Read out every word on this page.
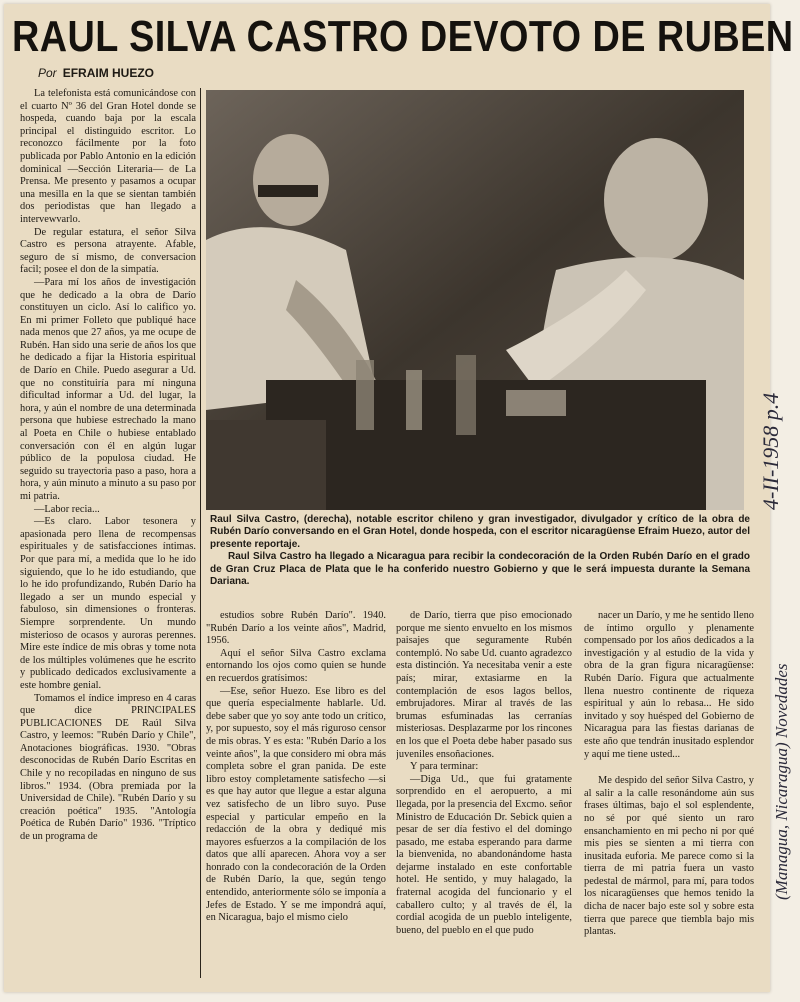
RAUL SILVA CASTRO DEVOTO DE RUBEN
Por EFRAIM HUEZO

La telefonista está comunicándose con el cuarto Nº 36 del Gran Hotel donde se hospeda, cuando baja por la escala principal el distinguido escritor. Lo reconozco fácilmente por la foto publicada por Pablo Antonio en la edición dominical —Sección Literaria— de La Prensa. Me presento y pasamos a ocupar una mesilla en la que se sientan también dos periodistas que han llegado a intervewvarlo.

De regular estatura, el señor Silva Castro es persona atrayente. Afable, seguro de sí mismo, de conversacion facil; posee el don de la simpatía.

—Para mí los años de investigación que he dedicado a la obra de Darío constituyen un ciclo. Así lo califico yo. En mi primer Folleto que publiqué hace nada menos que 27 años, ya me ocupe de Rubén. Han sido una serie de años los que he dedicado a fijar la Historia espiritual de Darío en Chile. Puedo asegurar a Ud. que no constituiría para mí ninguna dificultad informar a Ud. del lugar, la hora, y aún el nombre de una determinada persona que hubiese estrechado la mano al Poeta en Chile o hubiese entablado conversación con él en algún lugar público de la populosa ciudad. He seguido su trayectoria paso a paso, hora a hora, y aún minuto a minuto a su paso por mi patria.

—Labor recia...

—Es claro. Labor tesonera y apasionada pero llena de recompensas espirituales y de satisfacciones íntimas. Por que para mí, a medida que lo he ido siguiendo, que lo he ido estudiando, que lo he ido profundizando, Rubén Darío ha llegado a ser un mundo especial y fabuloso, sin dimensiones o fronteras. Siempre sorprendente. Un mundo misterioso de ocasos y auroras perennes. Mire este índice de mis obras y tome nota de los múltiples volúmenes que he escrito y publicado dedicados exclusivamente a este hombre genial.

Tomamos el índice impreso en 4 caras que dice PRINCIPALES PUBLICACIONES DE Raúl Silva Castro, y leemos: "Rubén Darío y Chile", Anotaciones biográficas. 1930. "Obras desconocidas de Rubén Darío Escritas en Chile y no recopiladas en ninguno de sus libros." 1934. (Obra premiada por la Universidad de Chile). "Rubén Darío y su creación poética" 1935. "Antología Poética de Rubén Darío" 1936. "Tríptico de un programa de

Raul Silva Castro, (derecha), notable escritor chileno y gran investigador, divulgador y crítico de la obra de Rubén Darío conversando en el Gran Hotel, donde hospeda, con el escritor nicaragüense Efraim Huezo, autor del presente reportaje.

Raul Silva Castro ha llegado a Nicaragua para recibir la condecoración de la Orden Rubén Darío en el grado de Gran Cruz Placa de Plata que le ha conferido nuestro Gobierno y que le será impuesta durante la Semana Dariana.

estudios sobre Rubén Darío". 1940. "Rubén Darío a los veinte años", Madrid, 1956.

Aquí el señor Silva Castro exclama entornando los ojos como quien se hunde en recuerdos gratísimos:

—Ese, señor Huezo. Ese libro es del que quería especialmente hablarle. Ud. debe saber que yo soy ante todo un crítico, y, por supuesto, soy el más riguroso censor de mis obras. Y es esta: "Rubén Darío a los veinte años", la que considero mi obra más completa sobre el gran panida. De este libro estoy completamente satisfecho —si es que hay autor que llegue a estar alguna vez satisfecho de un libro suyo. Puse especial y particular empeño en la redacción de la obra y dediqué mis mayores esfuerzos a la compilación de los datos que allí aparecen. Ahora voy a ser honrado con la condecoración de la Orden de Rubén Darío, la que, según tengo entendido, anteriormente sólo se imponía a Jefes de Estado. Y se me impondrá aquí, en Nicaragua, bajo el mismo cielo

de Darío, tierra que piso emocionado porque me siento envuelto en los mismos paisajes que seguramente Rubén contempló. No sabe Ud. cuanto agradezco esta distinción. Ya necesitaba venir a este país; mirar, extasiarme en la contemplación de esos lagos bellos, embrujadores. Mirar al través de las brumas esfuminadas las cerranías misteriosas. Desplazarme por los rincones en los que el Poeta debe haber pasado sus juveniles ensoñaciones.

Y para terminar:

—Diga Ud., que fui gratamente sorprendido en el aeropuerto, a mi llegada, por la presencia del Excmo. señor Ministro de Educación Dr. Sebick quien a pesar de ser día festivo el del domingo pasado, me estaba esperando para darme la bienvenida, no abandonándome hasta dejarme instalado en este confortable hotel. He sentido, y muy halagado, la fraternal acogida del funcionario y el caballero culto; y al través de él, la cordial acogida de un pueblo inteligente, bueno, del pueblo en el que pudo

nacer un Darío, y me he sentido lleno de íntimo orgullo y plenamente compensado por los años dedicados a la investigación y al estudio de la vida y obra de la gran figura nicaragüense: Rubén Darío. Figura que actualmente llena nuestro continente de riqueza espiritual y aún lo rebasa... He sido invitado y soy huésped del Gobierno de Nicaragua para las fiestas darianas de este año que tendrán inusitado esplendor y aquí me tiene usted...

Me despido del señor Silva Castro, y al salir a la calle resonándome aún sus frases últimas, bajo el sol esplendente, no sé por qué siento un raro ensanchamiento en mi pecho ni por qué mis pies se sienten a mi tierra con inusitada euforia. Me parece como si la tierra de mi patria fuera un vasto pedestal de mármol, para mí, para todos los nicaragüenses que hemos tenido la dicha de nacer bajo este sol y sobre esta tierra que parece que tiembla bajo mis plantas.

4-II-1958 p.4
(Managua, Nicaragua) Novedades
